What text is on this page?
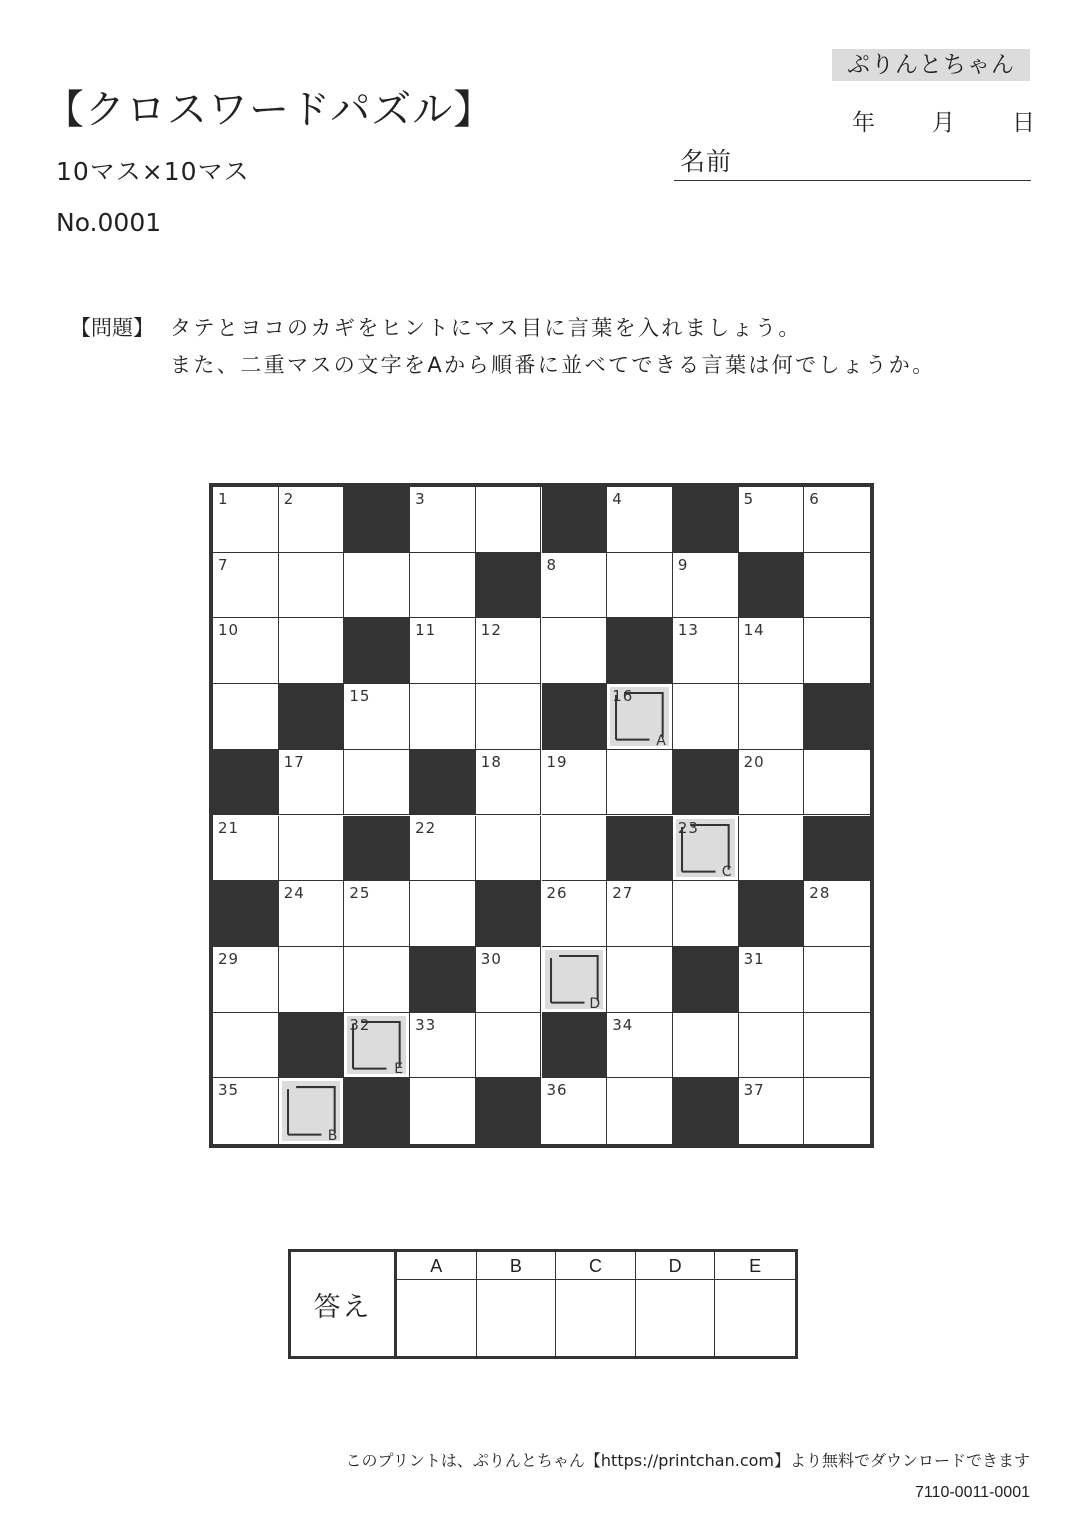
【クロスワードパズル】
10マス×10マス
No.0001
ぷりんとちゃん
年 月 日
名前
【問題】 タテとヨコのカギをヒントにマス目に言葉を入れましょう。
また、二重マスの文字をAから順番に並べてできる言葉は何でしょうか。
1	2	3	4	5	6
7	8	9
10	11	12	13	14
15
A
16
17	18	19	20
21	22
C
23
24	25	26	27	28
29	30
D
31
E
32	33	34
35
B
36	37
答え
A	B	C	D	E
このプリントは、ぷりんとちゃん【https://printchan.com】より無料でダウンロードできます
7110-0011-0001
